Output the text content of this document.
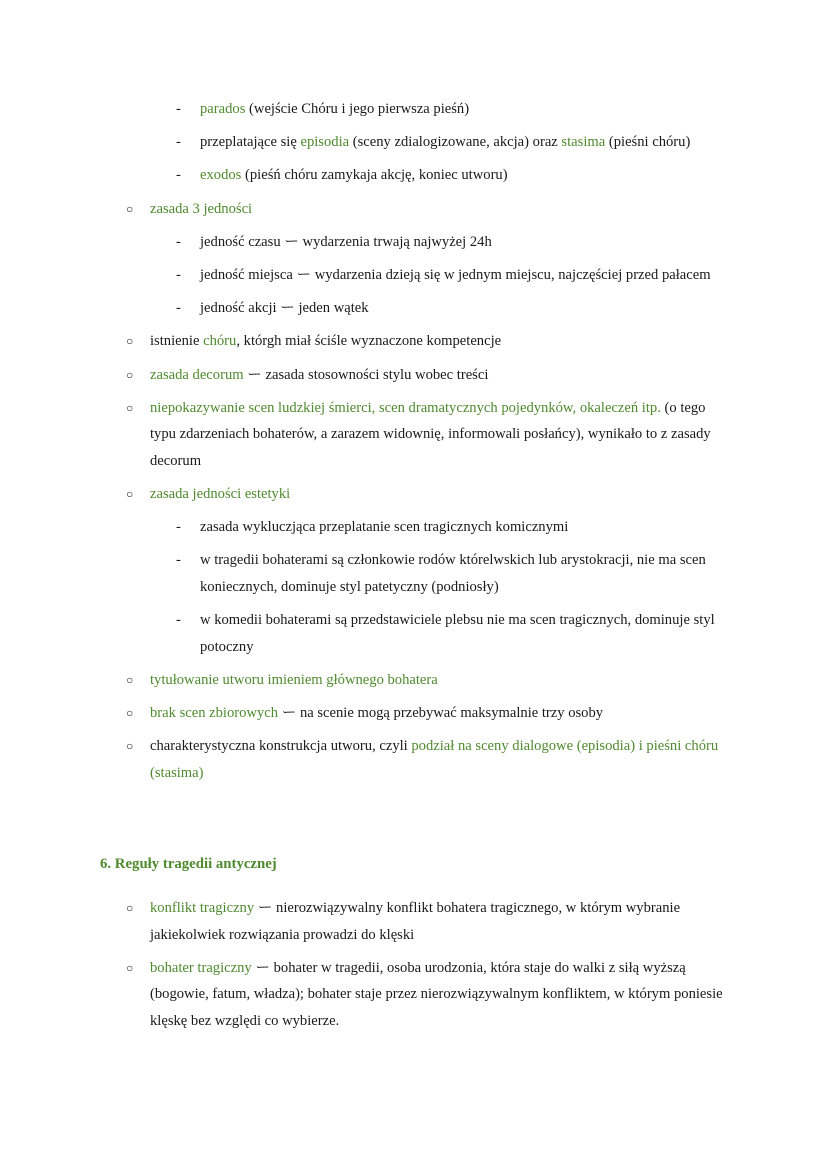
- parados (wejście Chóru i jego pierwsza pieśń)
- przeplatające się episodia (sceny zdialogizowane, akcja) oraz stasima (pieśni chóru)
- exodos (pieśń chóru zamykaja akcję, koniec utworu)
○ zasada 3 jedności
- jedność czasu ー wydarzenia trwają najwyżej 24h
- jedność miejsca ー wydarzenia dzieją się w jednym miejscu, najczęściej przed pałacem
- jedność akcji ー jeden wątek
○ istnienie chóru, którgh miał ściśle wyznaczone kompetencje
○ zasada decorum ー zasada stosowności stylu wobec treści
○ niepokazywanie scen ludzkiej śmierci, scen dramatycznych pojedynków, okaleczeń itp. (o tego typu zdarzeniach bohaterów, a zarazem widownię, informowali posłańcy), wynikało to z zasady decorum
○ zasada jedności estetyki
- zasada wykluczjąca przeplatanie scen tragicznych komicznymi
- w tragedii bohaterami są członkowie rodów którelwskich lub arystokracji, nie ma scen koniecznych, dominuje styl patetyczny (podniosły)
- w komedii bohaterami są przedstawiciele plebsu nie ma scen tragicznych, dominuje styl potoczny
○ tytułowanie utworu imieniem głównego bohatera
○ brak scen zbiorowych ー na scenie mogą przebywać maksymalnie trzy osoby
○ charakterystyczna konstrukcja utworu, czyli podział na sceny dialogowe (episodia) i pieśni chóru (stasima)
6. Reguły tragedii antycznej
○ konflikt tragiczny ー nierozwiązywalny konflikt bohatera tragicznego, w którym wybranie jakiekolwiek rozwiązania prowadzi do klęski
○ bohater tragiczny ー bohater w tragedii, osoba urodzonia, która staje do walki z siłą wyższą (bogowie, fatum, władza); bohater staje przez nierozwiązywalnym konfliktem, w którym poniesie klęskę bez względi co wybierze.
